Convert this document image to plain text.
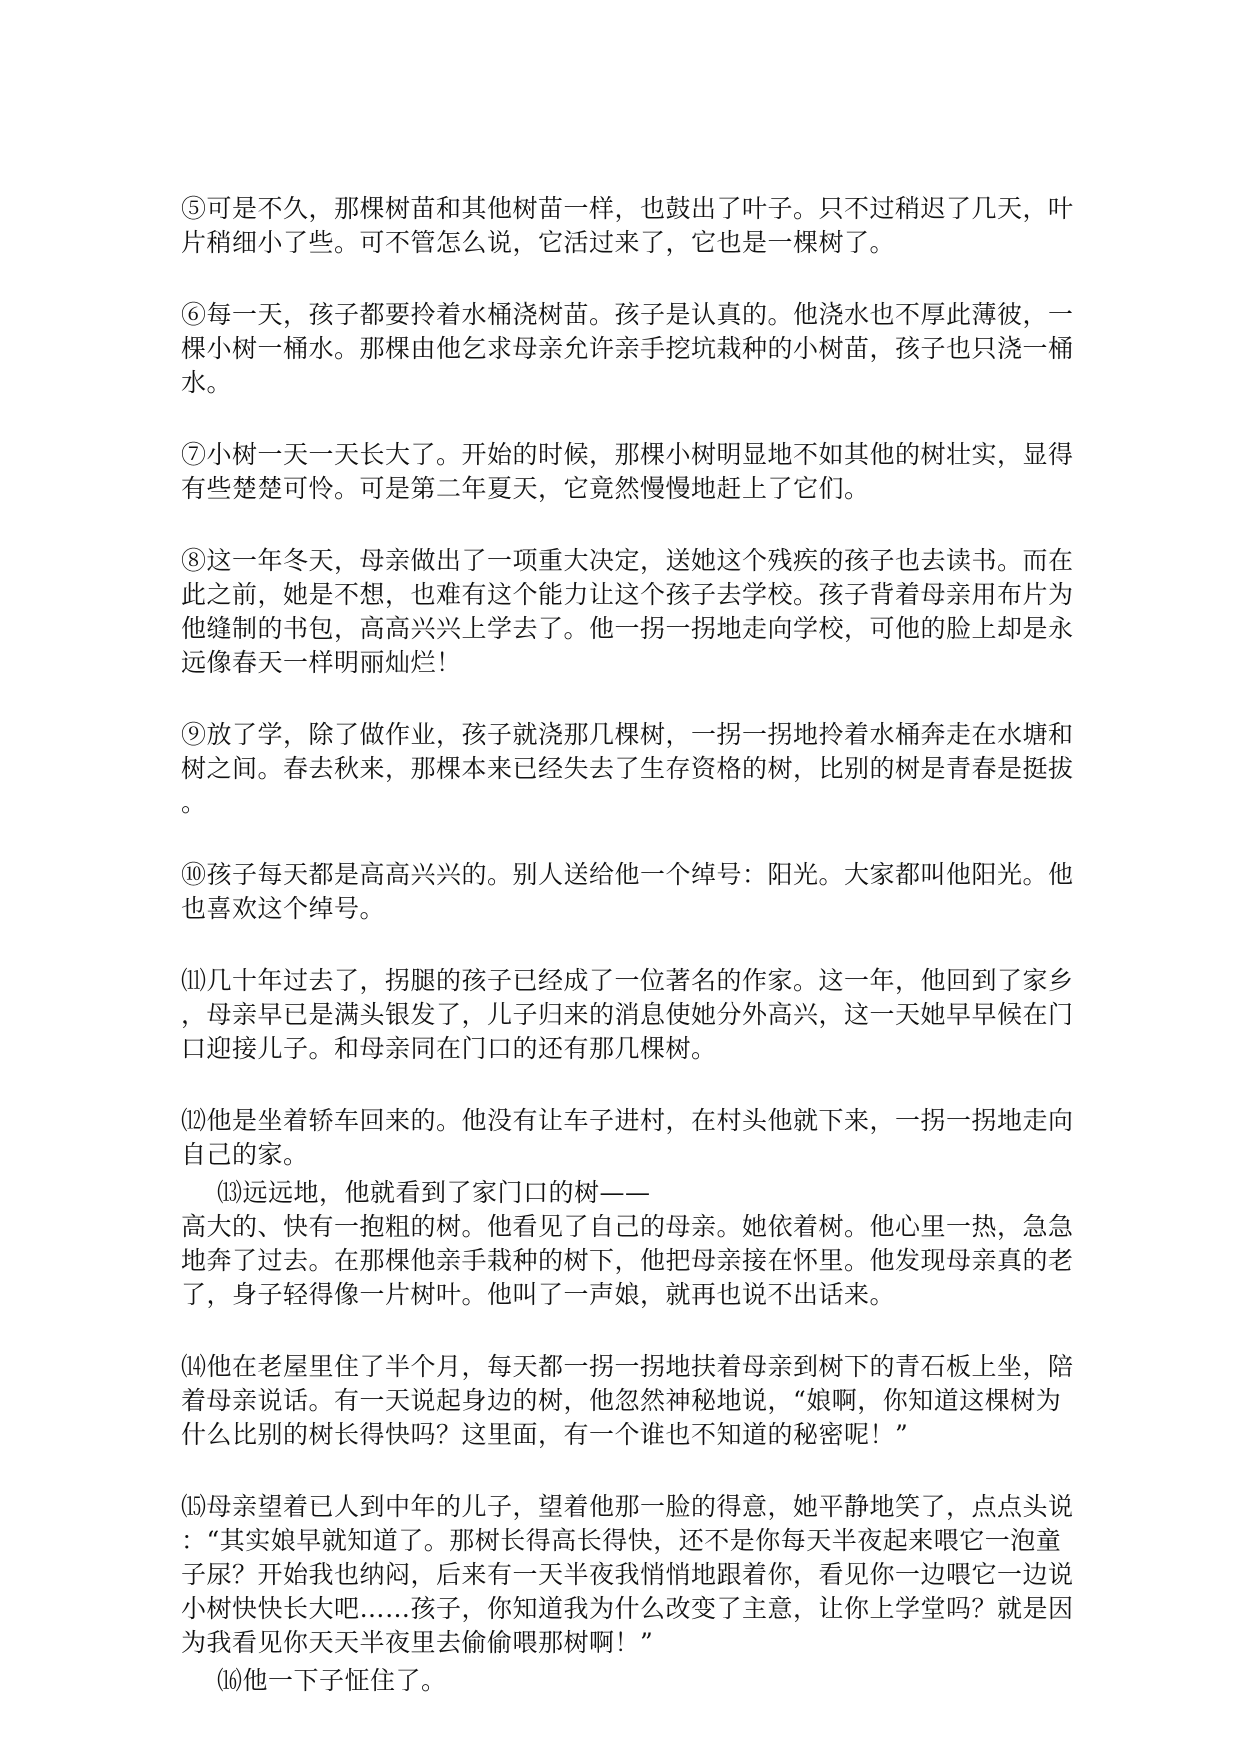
⑤可是不久，那棵树苗和其他树苗一样，也鼓出了叶子。只不过稍迟了几天，叶
片稍细小了些。可不管怎么说，它活过来了，它也是一棵树了。
⑥每一天，孩子都要拎着水桶浇树苗。孩子是认真的。他浇水也不厚此薄彼，一
棵小树一桶水。那棵由他乞求母亲允许亲手挖坑栽种的小树苗，孩子也只浇一桶
水。
⑦小树一天一天长大了。开始的时候，那棵小树明显地不如其他的树壮实，显得
有些楚楚可怜。可是第二年夏天，它竟然慢慢地赶上了它们。
⑧这一年冬天，母亲做出了一项重大决定，送她这个残疾的孩子也去读书。而在
此之前，她是不想，也难有这个能力让这个孩子去学校。孩子背着母亲用布片为
他缝制的书包，高高兴兴上学去了。他一拐一拐地走向学校，可他的脸上却是永
远像春天一样明丽灿烂！
⑨放了学，除了做作业，孩子就浇那几棵树，一拐一拐地拎着水桶奔走在水塘和
树之间。春去秋来，那棵本来已经失去了生存资格的树，比别的树是青春是挺拔
。
⑩孩子每天都是高高兴兴的。别人送给他一个绰号：阳光。大家都叫他阳光。他
也喜欢这个绰号。
⑾几十年过去了，拐腿的孩子已经成了一位著名的作家。这一年，他回到了家乡
，母亲早已是满头银发了，儿子归来的消息使她分外高兴，这一天她早早候在门
口迎接儿子。和母亲同在门口的还有那几棵树。
⑿他是坐着轿车回来的。他没有让车子进村，在村头他就下来，一拐一拐地走向
自己的家。
⒀远远地，他就看到了家门口的树——
高大的、快有一抱粗的树。他看见了自己的母亲。她依着树。他心里一热，急急
地奔了过去。在那棵他亲手栽种的树下，他把母亲接在怀里。他发现母亲真的老
了，身子轻得像一片树叶。他叫了一声娘，就再也说不出话来。
⒁他在老屋里住了半个月，每天都一拐一拐地扶着母亲到树下的青石板上坐，陪
着母亲说话。有一天说起身边的树，他忽然神秘地说，“娘啊，你知道这棵树为
什么比别的树长得快吗？这里面，有一个谁也不知道的秘密呢！”
⒂母亲望着已人到中年的儿子，望着他那一脸的得意，她平静地笑了，点点头说
：“其实娘早就知道了。那树长得高长得快，还不是你每天半夜起来喂它一泡童
子尿？开始我也纳闷，后来有一天半夜我悄悄地跟着你，看见你一边喂它一边说
小树快快长大吧……孩子，你知道我为什么改变了主意，让你上学堂吗？就是因
为我看见你天天半夜里去偷偷喂那树啊！”
⒃他一下子怔住了。
